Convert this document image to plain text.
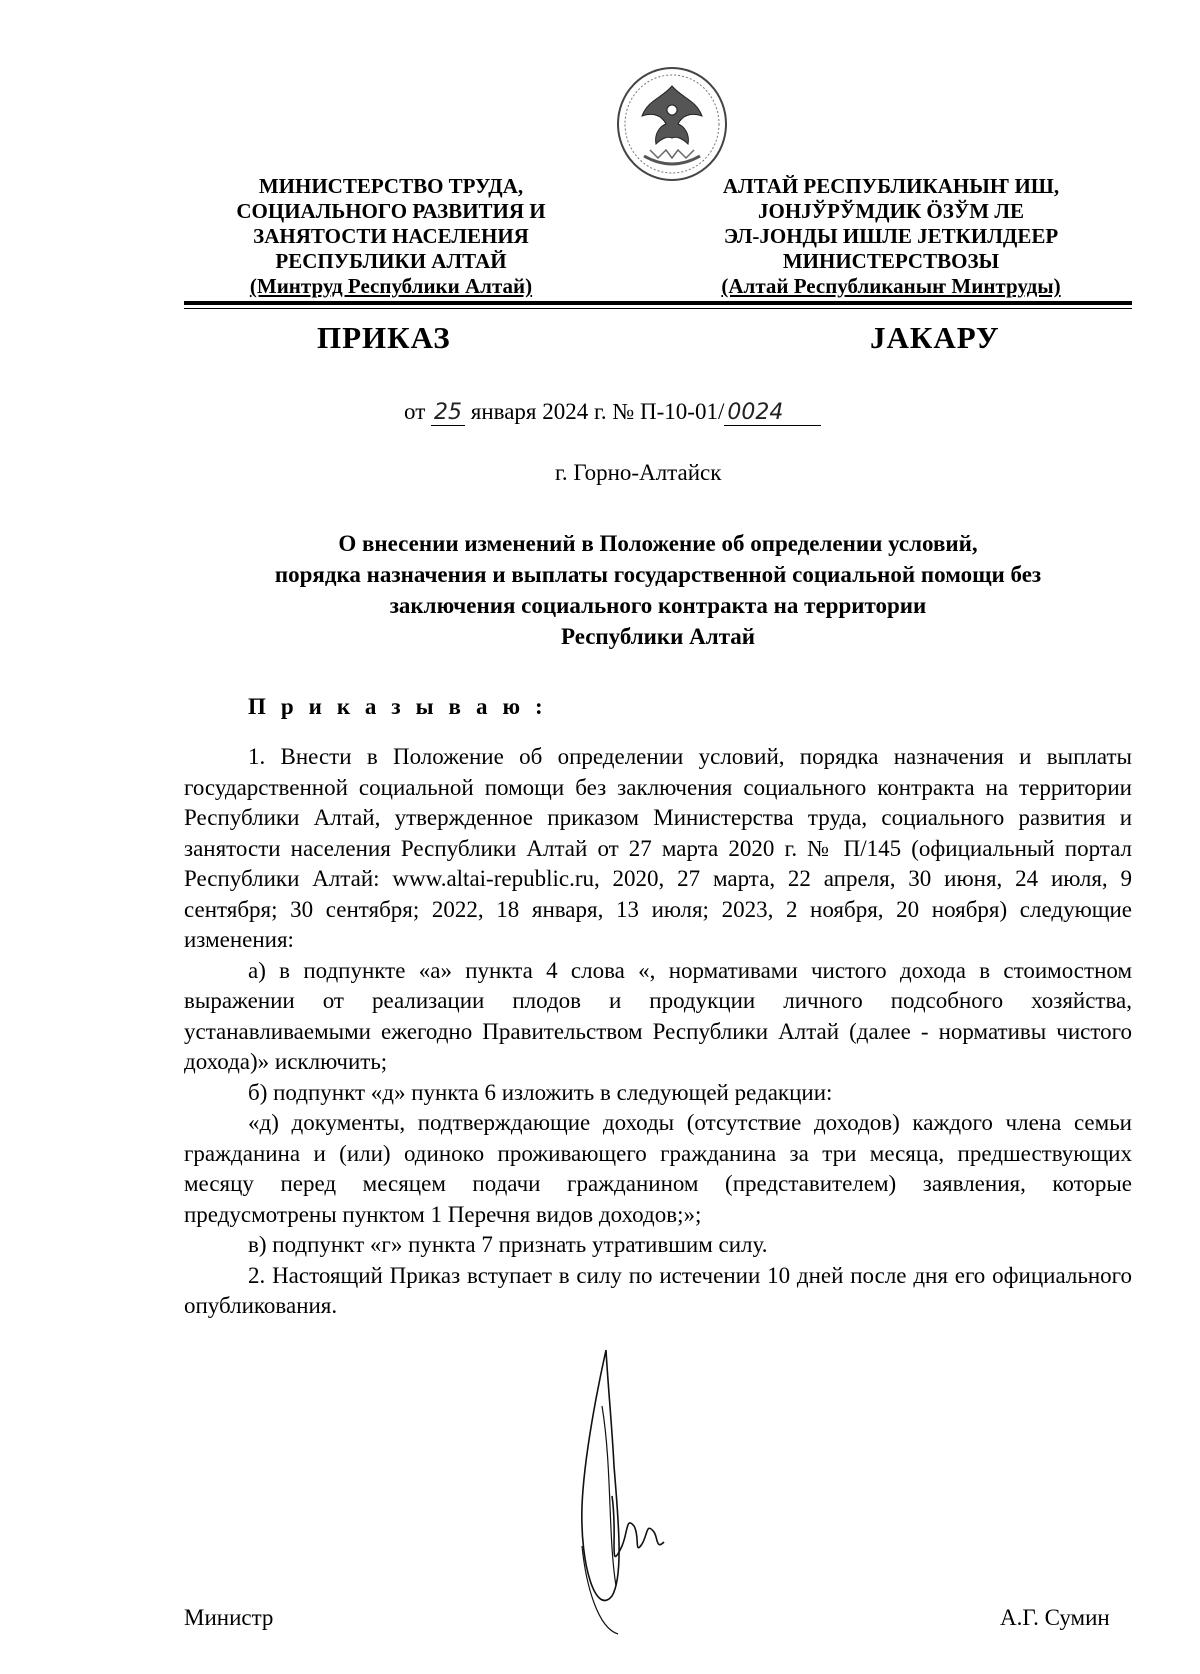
МИНИСТЕРСТВО ТРУДА,
СОЦИАЛЬНОГО РАЗВИТИЯ И
ЗАНЯТОСТИ НАСЕЛЕНИЯ
РЕСПУБЛИКИ АЛТАЙ
(Минтруд Республики Алтай)
АЛТАЙ РЕСПУБЛИКАНЫҤ ИШ,
ЈОНЈЎРЎМДИК ÖЗЎМ ЛЕ
ЭЛ-ЈОНДЫ ИШЛЕ ЈЕТКИЛДЕЕР
МИНИСТЕРСТВОЗЫ
(Алтай Республиканыҥ Минтруды)
ПРИКАЗ	ЈАКАРУ
от 25 января 2024 г. № П-10-01/ 0024
г. Горно-Алтайск
О внесении изменений в Положение об определении условий,
порядка назначения и выплаты государственной социальной помощи без
заключения социального контракта на территории
Республики Алтай
Приказываю:

1. Внести в Положение об определении условий, порядка назначения и выплаты государственной социальной помощи без заключения социального контракта на территории Республики Алтай, утвержденное приказом Министерства труда, социального развития и занятости населения Республики Алтай от 27 марта 2020 г. № П/145 (официальный портал Республики Алтай: www.altai-republic.ru, 2020, 27 марта, 22 апреля, 30 июня, 24 июля, 9 сентября; 30 сентября; 2022, 18 января, 13 июля; 2023, 2 ноября, 20 ноября) следующие изменения:

а) в подпункте «а» пункта 4 слова «, нормативами чистого дохода в стоимостном выражении от реализации плодов и продукции личного подсобного хозяйства, устанавливаемыми ежегодно Правительством Республики Алтай (далее - нормативы чистого дохода)» исключить;

б) подпункт «д» пункта 6 изложить в следующей редакции:

«д) документы, подтверждающие доходы (отсутствие доходов) каждого члена семьи гражданина и (или) одиноко проживающего гражданина за три месяца, предшествующих месяцу перед месяцем подачи гражданином (представителем) заявления, которые предусмотрены пунктом 1 Перечня видов доходов;»;

в) подпункт «г» пункта 7 признать утратившим силу.

2. Настоящий Приказ вступает в силу по истечении 10 дней после дня его официального опубликования.

Министр	А.Г. Сумин
